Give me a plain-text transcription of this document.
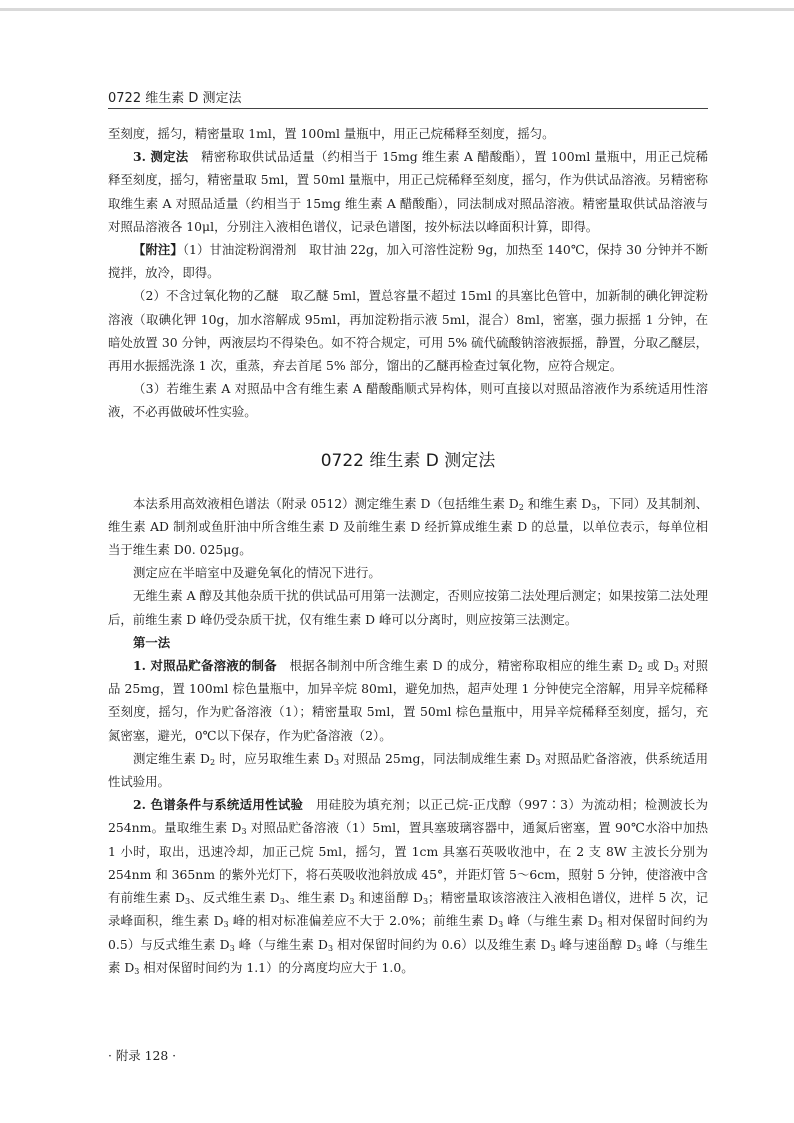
0722 维生素 D 测定法

至刻度，摇匀，精密量取 1ml，置 100ml 量瓶中，用正己烷稀释至刻度，摇匀。

3. 测定法　 精密称取供试品适量（约相当于 15mg 维生素 A 醋酸酯），置 100ml 量瓶中，用正己烷稀释至刻度，摇匀，精密量取 5ml，置 50ml 量瓶中，用正己烷稀释至刻度，摇匀，作为供试品溶液。另精密称取维生素 A 对照品适量（约相当于 15mg 维生素 A 醋酸酯），同法制成对照品溶液。精密量取供试品溶液与对照品溶液各 10μl，分别注入液相色谱仪，记录色谱图，按外标法以峰面积计算，即得。

【附注】（1）甘油淀粉润滑剂　取甘油 22g，加入可溶性淀粉 9g，加热至 140℃，保持 30 分钟并不断搅拌，放冷，即得。

（2）不含过氧化物的乙醚　取乙醚 5ml，置总容量不超过 15ml 的具塞比色管中，加新制的碘化钾淀粉溶液（取碘化钾 10g，加水溶解成 95ml，再加淀粉指示液 5ml，混合）8ml，密塞，强力振摇 1 分钟，在暗处放置 30 分钟，两液层均不得染色。如不符合规定，可用 5% 硫代硫酸钠溶液振摇，静置，分取乙醚层，再用水振摇洗涤 1 次，重蒸，弃去首尾 5% 部分，馏出的乙醚再检查过氧化物，应符合规定。

（3）若维生素 A 对照品中含有维生素 A 醋酸酯顺式异构体，则可直接以对照品溶液作为系统适用性溶液，不必再做破坏性实验。

0722 维生素 D 测定法

本法系用高效液相色谱法（附录 0512）测定维生素 D（包括维生素 $D_2$ 和维生素 $D_3$，下同）及其制剂、维生素 AD 制剂或鱼肝油中所含维生素 D 及前维生素 D 经折算成维生素 D 的总量，以单位表示，每单位相当于维生素 D0. 025μg。

测定应在半暗室中及避免氧化的情况下进行。

无维生素 A 醇及其他杂质干扰的供试品可用第一法测定，否则应按第二法处理后测定；如果按第二法处理后，前维生素 D 峰仍受杂质干扰，仅有维生素 D 峰可以分离时，则应按第三法测定。

第一法

1. 对照品贮备溶液的制备　 根据各制剂中所含维生素 D 的成分，精密称取相应的维生素 $D_2$ 或 $D_3$ 对照品 25mg，置 100ml 棕色量瓶中，加异辛烷 80ml，避免加热，超声处理 1 分钟使完全溶解，用异辛烷稀释至刻度，摇匀，作为贮备溶液（1）；精密量取 5ml，置 50ml 棕色量瓶中，用异辛烷稀释至刻度，摇匀，充氮密塞，避光，0℃以下保存，作为贮备溶液（2）。

测定维生素 $D_2$ 时，应另取维生素 $D_3$ 对照品 25mg，同法制成维生素 $D_3$ 对照品贮备溶液，供系统适用性试验用。

2. 色谱条件与系统适用性试验　 用硅胶为填充剂；以正己烷-正戊醇（997∶3）为流动相；检测波长为 254nm。量取维生素 $D_3$ 对照品贮备溶液（1）5ml，置具塞玻璃容器中，通氮后密塞，置 90℃水浴中加热 1 小时，取出，迅速冷却，加正己烷 5ml，摇匀，置 1cm 具塞石英吸收池中，在 2 支 8W 主波长分别为 254nm 和 365nm 的紫外光灯下，将石英吸收池斜放成 45°，并距灯管 5～6cm，照射 5 分钟，使溶液中含有前维生素 $D_3$、反式维生素 $D_3$、维生素 $D_3$ 和速甾醇 $D_3$；精密量取该溶液注入液相色谱仪，进样 5 次，记录峰面积，维生素 $D_3$ 峰的相对标准偏差应不大于 2.0%；前维生素 $D_3$ 峰（与维生素 $D_3$ 相对保留时间约为 0.5）与反式维生素 $D_3$ 峰（与维生素 $D_3$ 相对保留时间约为 0.6）以及维生素 $D_3$ 峰与速甾醇 $D_3$ 峰（与维生素 $D_3$ 相对保留时间约为 1.1）的分离度均应大于 1.0。

· 附录 128 ·
